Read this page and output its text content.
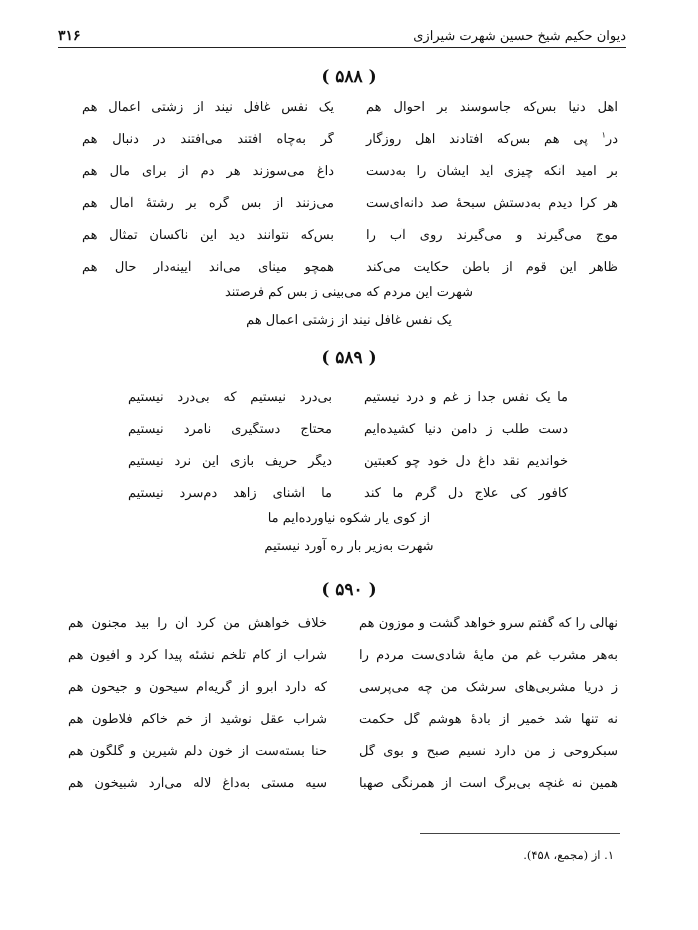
دیوان حکیم شیخ حسین شهرت شیرازی
۳۱۶
( ۵۸۸ )
اهل دنیا بس‌که جاسوسند بر احوال هم
یک نفس غافل نیند از زشتی اعمال هم
در$^۱$ پی هم بس‌که افتادند اهل روزگار
گر به‌چاه افتند می‌افتند در دنبال هم
بر امید آنکه چیزی آید ایشان را به‌دست
داغ می‌سوزند هر دم از برای مال هم
هر کرا دیدم به‌دستش سبحهٔ صد دانه‌ای‌ست
می‌زنند از بس گره بر رشتهٔ آمال هم
موج می‌گیرند و می‌گیرند روی آب را
بس‌که نتوانند دید این ناکسان تمثال هم
ظاهر این قوم از باطن حکایت می‌کند
همچو مینای می‌اند آیینه‌دار حال هم
شهرت این مردم که می‌بینی ز بس کم فرصتند
یک نفس غافل نیند از زشتی اعمال هم
( ۵۸۹ )
ما یک نفس جدا ز غم و درد نیستیم
بی‌درد نیستیم که بی‌درد نیستیم
دست طلب ز دامن دنیا کشیده‌ایم
محتاج دستگیری نامرد نیستیم
خواندیم نقد داغ دل خود چو کعبتین
دیگر حریف بازی این نرد نیستیم
کافور کی علاج دل گرم ما کند
ما آشنای زاهد دم‌سرد نیستیم
از کوی یار شکوه نیاورده‌ایم ما
شهرت به‌زیر بار ره آورد نیستیم
( ۵۹۰ )
نهالی را که گفتم سرو خواهد گشت و موزون هم
خلاف خواهش من کرد آن را بید مجنون هم
به‌هر مشرب غم من مایهٔ شادی‌ست مردم را
شراب از کام تلخم نشئه پیدا کرد و افیون هم
ز دریا مشربی‌های سرشک من چه می‌پرسی
که دارد آبرو از گریه‌ام سیحون و جیحون هم
نه تنها شد خمیر از بادهٔ هوشم گل حکمت
شراب عقل نوشید از خم خاکم فلاطون هم
سبکروحی ز من دارد نسیم صبح و بوی گل
حنا بسته‌ست از خون دلم شیرین و گلگون هم
همین نه غنچه بی‌برگ است از همرنگی صهبا
سیه مستی به‌داغ لاله می‌آرد شبیخون هم
۱. از (مجمع، ۴۵۸).
